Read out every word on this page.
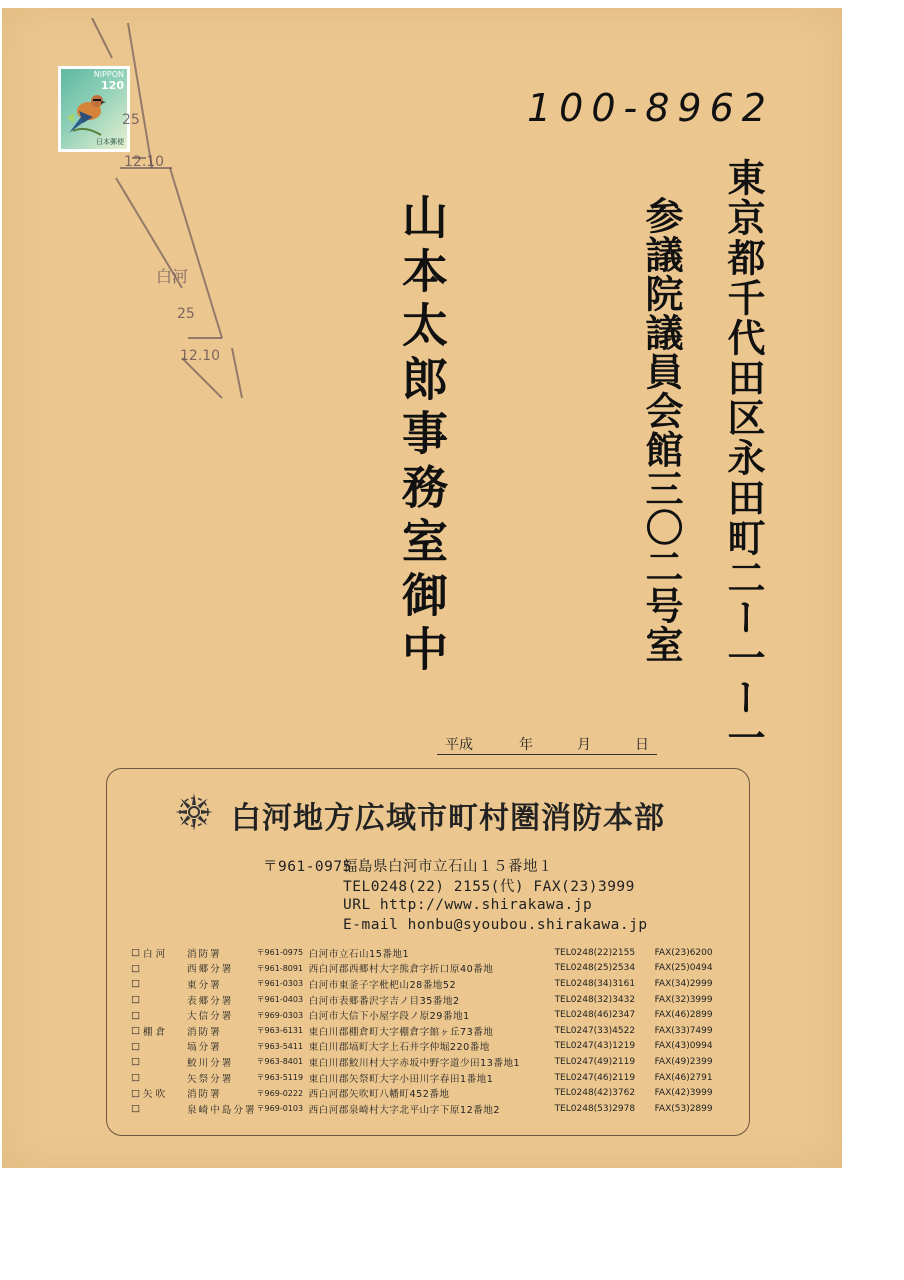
NIPPON
120
日本郵便
25
12.10
白河
25
12.10
100-8962
東京都千代田区永田町二ー一ー一
参議院議員会館三〇二号室
山本太郎事務室御中
平成	年	月	日
白河地方広域市町村圏消防本部
〒961-0975福島県白河市立石山１５番地１
TEL0248(22) 2155(代) FAX(23)3999
URL http://www.shirakawa.jp
E-mail honbu@syoubou.shirakawa.jp
□	白河	消防署	〒961-0975	白河市立石山15番地1	TEL0248(22)2155	FAX(23)6200
□		西郷分署	〒961-8091	西白河郡西郷村大字熊倉字折口原40番地	TEL0248(25)2534	FAX(25)0494
□		東分署	〒961-0303	白河市東釜子字枇杷山28番地52	TEL0248(34)3161	FAX(34)2999
□		表郷分署	〒961-0403	白河市表郷番沢字吉ノ目35番地2	TEL0248(32)3432	FAX(32)3999
□		大信分署	〒969-0303	白河市大信下小屋字段ノ原29番地1	TEL0248(46)2347	FAX(46)2899
□	棚倉	消防署	〒963-6131	東白川郡棚倉町大字棚倉字館ヶ丘73番地	TEL0247(33)4522	FAX(33)7499
□		塙分署	〒963-5411	東白川郡塙町大字上石井字仲堀220番地	TEL0247(43)1219	FAX(43)0994
□		鮫川分署	〒963-8401	東白川郡鮫川村大字赤坂中野字道少田13番地1	TEL0247(49)2119	FAX(49)2399
□		矢祭分署	〒963-5119	東白川郡矢祭町大字小田川字春田1番地1	TEL0247(46)2119	FAX(46)2791
□	矢吹	消防署	〒969-0222	西白河郡矢吹町八幡町452番地	TEL0248(42)3762	FAX(42)3999
□		泉崎中島分署	〒969-0103	西白河郡泉崎村大字北平山字下原12番地2	TEL0248(53)2978	FAX(53)2899
